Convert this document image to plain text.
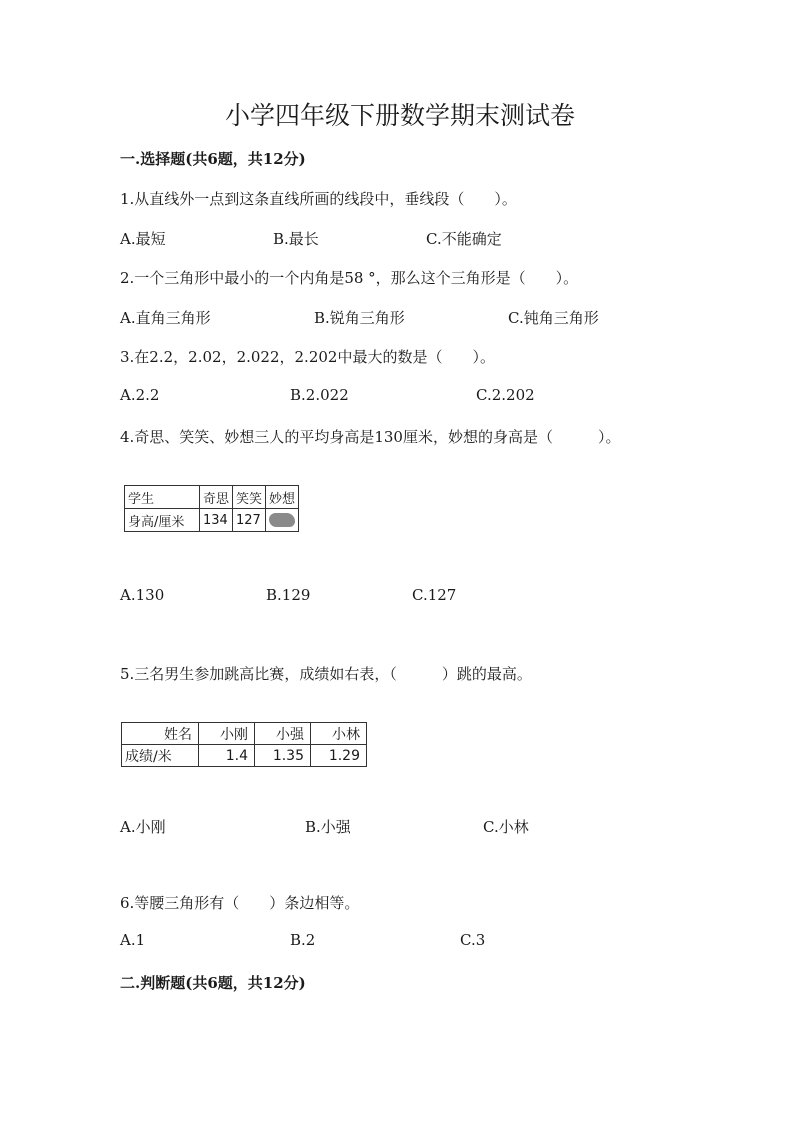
小学四年级下册数学期末测试卷
一.选择题(共6题，共12分)
1.从直线外一点到这条直线所画的线段中，垂线段（　　）。
A.最短	B.最长	C.不能确定
2.一个三角形中最小的一个内角是58 °，那么这个三角形是（　　）。
A.直角三角形	B.锐角三角形	C.钝角三角形
3.在2.2，2.02，2.022，2.202中最大的数是（　　）。
A.2.2	B.2.022	C.2.202
4.奇思、笑笑、妙想三人的平均身高是130厘米，妙想的身高是（　　　）。
学生	奇思	笑笑	妙想
身高/厘米	134	127	
A.130	B.129	C.127
5.三名男生参加跳高比赛，成绩如右表，（　　　）跳的最高。
姓名	小刚	小强	小林
成绩/米	1.4	1.35	1.29
A.小刚	B.小强	C.小林
6.等腰三角形有（　　）条边相等。
A.1	B.2	C.3
二.判断题(共6题，共12分)
